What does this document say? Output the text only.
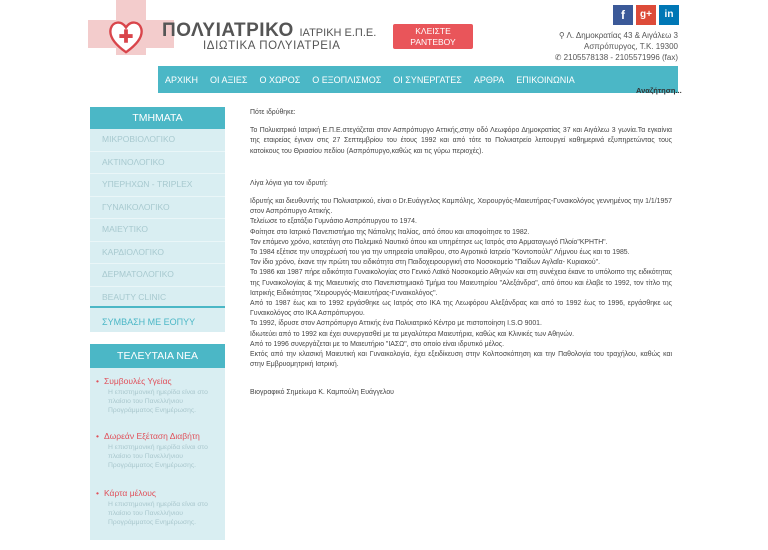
ΠΟΛΥΙΑΤΡΙΚΟ ΙΑΤΡΙΚΗ Ε.Π.Ε.
ΙΔΙΩΤΙΚΑ ΠΟΛΥΙΑΤΡΕΙΑ
ΚΛΕΙΣΤΕ
ΡΑΝΤΕΒΟΥ
f	g+	in
⚲ Λ. Δημοκρατίας 43 & Αιγάλεω 3
Ασπρόπυργος, Τ.Κ. 19300
✆ 2105578138 - 2105571996 (fax)
ΑΡΧΙΚΗ	ΟΙ ΑΞΙΕΣ	Ο ΧΩΡΟΣ	Ο ΕΞΟΠΛΙΣΜΟΣ	ΟΙ ΣΥΝΕΡΓΑΤΕΣ	ΑΡΘΡΑ	ΕΠΙΚΟΙΝΩΝΙΑ
Αναζήτηση...
ΤΜΗΜΑΤΑ
ΜΙΚΡΟΒΙΟΛΟΓΙΚΟ
ΑΚΤΙΝΟΛΟΓΙΚΟ
ΥΠΕΡΗΧΩΝ - TRIPLEX
ΓΥΝΑΙΚΟΛΟΓΙΚΟ
ΜΑΙΕΥΤΙΚΟ
ΚΑΡΔΙΟΛΟΓΙΚΟ
ΔΕΡΜΑΤΟΛΟΓΙΚΟ
BEAUTY CLINIC
ΣΥΜΒΑΣΗ ΜΕ ΕΟΠΥΥ
ΤΕΛΕΥΤΑΙΑ ΝΕΑ
• Συμβουλές Υγείας
Η επιστημονική ημερίδα είναι στο πλαίσιο του Πανελλήνιου Προγράμματος Ενημέρωσης.
• Δωρεάν Εξέταση Διαβήτη
Η επιστημονική ημερίδα είναι στο πλαίσιο του Πανελλήνιου Προγράμματος Ενημέρωσης.
• Κάρτα μέλους
Η επιστημονική ημερίδα είναι στο πλαίσιο του Πανελλήνιου Προγράμματος Ενημέρωσης.

Πότε ιδρύθηκε:

Το Πολυιατρικό Ιατρική Ε.Π.Ε.στεγάζεται στον Ασπρόπυργο Αττικής,στην οδό Λεωφόρο Δημοκρατίας 37 και Αιγάλεω 3 γωνία.Τα εγκαίνια της εταιρείας έγιναν στις 27 Σεπτεμβρίου του έτους 1992 και από τότε το Πολυιατρείο λειτουργεί καθημερινά εξυπηρετώντας τους κατοίκους του Θριασίου πεδίου (Ασπρόπυργο,καθώς και τις γύρω περιοχές).

Λίγα λόγια για τον ιδρυτή:

Ιδρυτής και διευθυντής του Πολυιατρικού, είναι ο Dr.Ευάγγελος Καμπόλης, Χειρουργός-Μαιευτήρας-Γυναικολόγος γεννημένος την 1/1/1957 στον Ασπρόπυργο Αττικής.

Τελείωσε το εξατάξιο Γυμνάσιο Ασπρόπυργου το 1974.

Φοίτησε στο Ιατρικό Πανεπιστήμιο της Νάπολης Ιταλίας, από όπου και αποφοίτησε το 1982.

Τον επόμενο χρόνο, κατετάγη στο Πολεμικό Ναυτικό όπου και υπηρέτησε ως Ιατρός στο Αρματαγωγό Πλοίο"ΚΡΗΤΗ".

Το 1984 εξέτισε την υποχρέωσή του για την υπηρεσία υπαίθρου, στο Αγροτικό Ιατρείο "Κοντοπούλι" Λήμνου έως και το 1985.

Τον ίδιο χρόνο, έκανε την πρώτη του ειδικότητα στη Παιδοχειρουργική στο Νοσοκομείο "Παίδων Αγλαΐα- Κυριακού".

Το 1986 και 1987 πήρε ειδικότητα Γυναικολογίας στο Γενικό Λαϊκό Νοσοκομείο Αθηνών και στη συνέχεια έκανε το υπόλοιπο της ειδικότητας της Γυναικολογίας & της Μαιευτικής στο Πανεπιστημιακό Τμήμα του Μαιευτηρίου "Αλεξάνδρα", από όπου και έλαβε το 1992, τον τίτλο της Ιατρικής Ειδικότητας "Χειρουργός-Μαιευτήρας-Γυναικολόγος".

Από το 1987 έως και το 1992 εργάσθηκε ως Ιατρός στο ΙΚΑ της Λεωφόρου Αλεξάνδρας και από το 1992 έως το 1996, εργάσθηκε ως Γυναικολόγος στο ΙΚΑ Ασπρόπυργου.

Το 1992, ίδρυσε στον Ασπρόπυργο Αττικής ένα Πολυιατρικό Κέντρο με πιστοποίηση I.S.O 9001.

Ιδιωτεύει από το 1992 και έχει συνεργασθεί με τα μεγαλύτερα Μαιευτήρια, καθώς και Κλινικές των Αθηνών.

Από το 1996 συνεργάζεται με το Μαιευτήριο "ΙΑΣΩ", στο οποίο είναι ιδρυτικό μέλος.

Εκτός από την κλασική Μαιευτική και Γυναικολογία, έχει εξειδίκευση στην Κολποσκόπηση και την Παθολογία του τραχήλου, καθώς και στην Εμβρυομητρική Ιατρική.

Βιογραφικό Σημείωμα Κ. Καμπούλη Ευάγγελου
